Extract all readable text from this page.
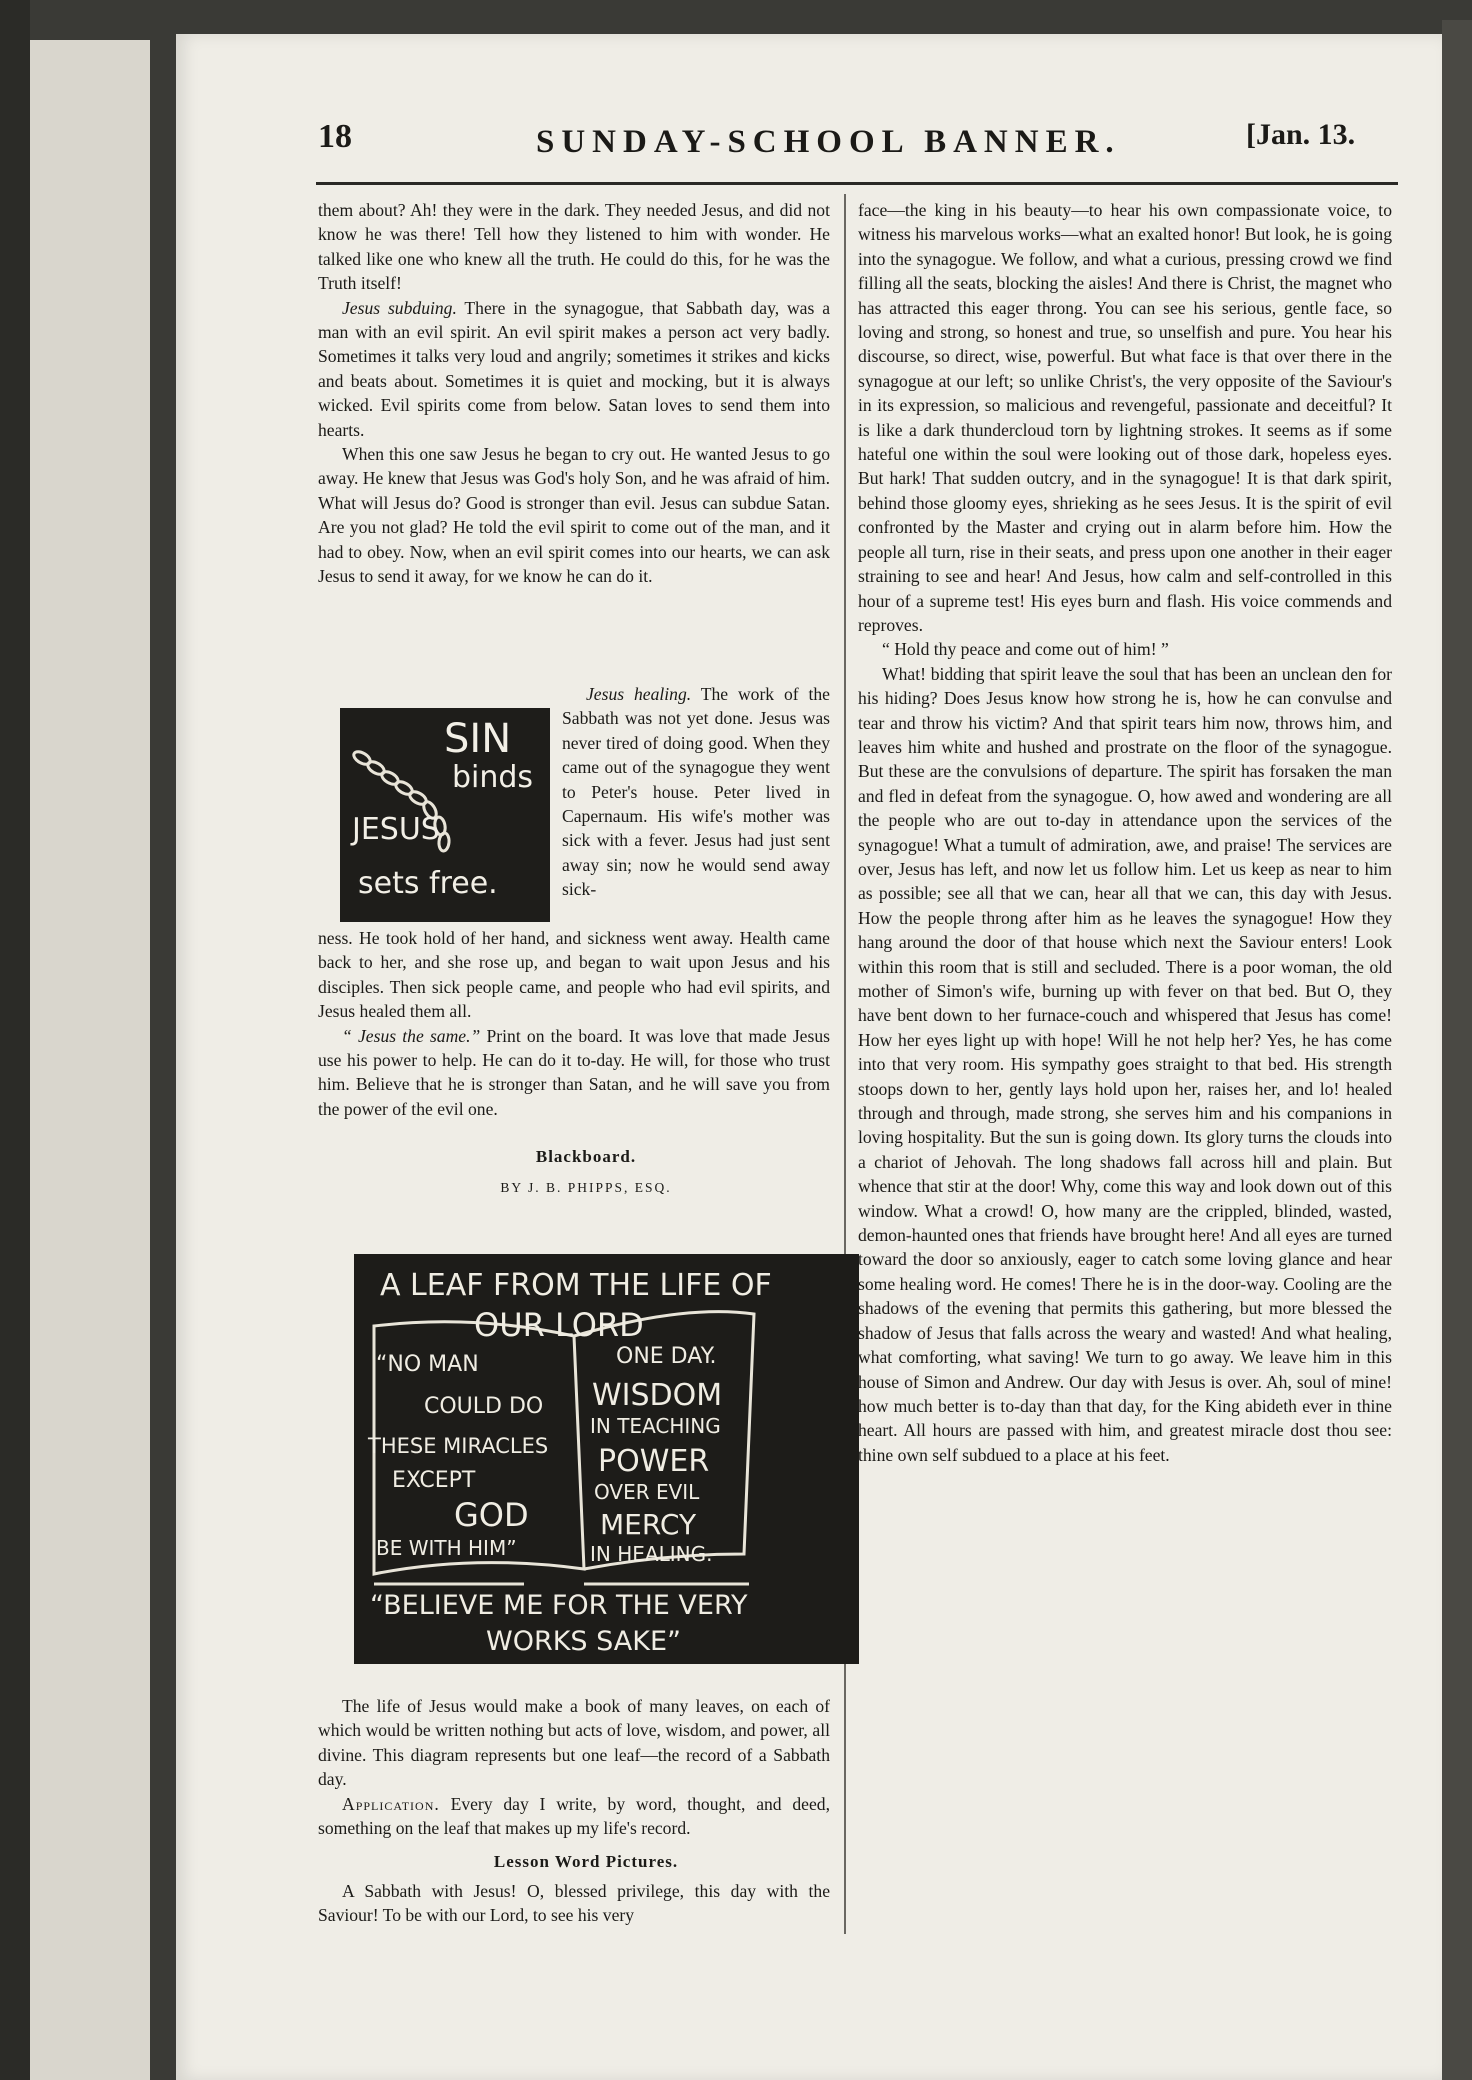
18	SUNDAY-SCHOOL BANNER.	[Jan. 13.

them about? Ah! they were in the dark. They needed Jesus, and did not know he was there! Tell how they listened to him with wonder. He talked like one who knew all the truth. He could do this, for he was the Truth itself!

Jesus subduing. There in the synagogue, that Sabbath day, was a man with an evil spirit. An evil spirit makes a person act very badly. Sometimes it talks very loud and angrily; sometimes it strikes and kicks and beats about. Sometimes it is quiet and mocking, but it is always wicked. Evil spirits come from below. Satan loves to send them into hearts.

When this one saw Jesus he began to cry out. He wanted Jesus to go away. He knew that Jesus was God's holy Son, and he was afraid of him. What will Jesus do? Good is stronger than evil. Jesus can subdue Satan. Are you not glad? He told the evil spirit to come out of the man, and it had to obey. Now, when an evil spirit comes into our hearts, we can ask Jesus to send it away, for we know he can do it.

Jesus healing. The work of the Sabbath was not yet done. Jesus was never tired of doing good. When they came out of the synagogue they went to Peter's house. Peter lived in Capernaum. His wife's mother was sick with a fever. Jesus had just sent away sin; now he would send away sick-

SIN
binds
JESUS
sets free.

ness. He took hold of her hand, and sickness went away. Health came back to her, and she rose up, and began to wait upon Jesus and his disciples. Then sick people came, and people who had evil spirits, and Jesus healed them all.

“ Jesus the same.” Print on the board. It was love that made Jesus use his power to help. He can do it to-day. He will, for those who trust him. Believe that he is stronger than Satan, and he will save you from the power of the evil one.

Blackboard.

BY J. B. PHIPPS, ESQ.

A LEAF FROM THE LIFE OF
OUR LORD
“NO MAN
COULD DO
THESE MIRACLES
EXCEPT
GOD
BE WITH HIM”
ONE DAY.
WISDOM
IN TEACHING
POWER
OVER EVIL
MERCY
IN HEALING.
“BELIEVE ME FOR THE VERY
WORKS SAKE”

The life of Jesus would make a book of many leaves, on each of which would be written nothing but acts of love, wisdom, and power, all divine. This diagram represents but one leaf—the record of a Sabbath day.

Application. Every day I write, by word, thought, and deed, something on the leaf that makes up my life's record.

Lesson Word Pictures.

A Sabbath with Jesus! O, blessed privilege, this day with the Saviour! To be with our Lord, to see his very

face—the king in his beauty—to hear his own compassionate voice, to witness his marvelous works—what an exalted honor! But look, he is going into the synagogue. We follow, and what a curious, pressing crowd we find filling all the seats, blocking the aisles! And there is Christ, the magnet who has attracted this eager throng. You can see his serious, gentle face, so loving and strong, so honest and true, so unselfish and pure. You hear his discourse, so direct, wise, powerful. But what face is that over there in the synagogue at our left; so unlike Christ's, the very opposite of the Saviour's in its expression, so malicious and revengeful, passionate and deceitful? It is like a dark thundercloud torn by lightning strokes. It seems as if some hateful one within the soul were looking out of those dark, hopeless eyes. But hark! That sudden outcry, and in the synagogue! It is that dark spirit, behind those gloomy eyes, shrieking as he sees Jesus. It is the spirit of evil confronted by the Master and crying out in alarm before him. How the people all turn, rise in their seats, and press upon one another in their eager straining to see and hear! And Jesus, how calm and self-controlled in this hour of a supreme test! His eyes burn and flash. His voice commends and reproves.

“ Hold thy peace and come out of him! ”

What! bidding that spirit leave the soul that has been an unclean den for his hiding? Does Jesus know how strong he is, how he can convulse and tear and throw his victim? And that spirit tears him now, throws him, and leaves him white and hushed and prostrate on the floor of the synagogue. But these are the convulsions of departure. The spirit has forsaken the man and fled in defeat from the synagogue. O, how awed and wondering are all the people who are out to-day in attendance upon the services of the synagogue! What a tumult of admiration, awe, and praise! The services are over, Jesus has left, and now let us follow him. Let us keep as near to him as possible; see all that we can, hear all that we can, this day with Jesus. How the people throng after him as he leaves the synagogue! How they hang around the door of that house which next the Saviour enters! Look within this room that is still and secluded. There is a poor woman, the old mother of Simon's wife, burning up with fever on that bed. But O, they have bent down to her furnace-couch and whispered that Jesus has come! How her eyes light up with hope! Will he not help her? Yes, he has come into that very room. His sympathy goes straight to that bed. His strength stoops down to her, gently lays hold upon her, raises her, and lo! healed through and through, made strong, she serves him and his companions in loving hospitality. But the sun is going down. Its glory turns the clouds into a chariot of Jehovah. The long shadows fall across hill and plain. But whence that stir at the door! Why, come this way and look down out of this window. What a crowd! O, how many are the crippled, blinded, wasted, demon-haunted ones that friends have brought here! And all eyes are turned toward the door so anxiously, eager to catch some loving glance and hear some healing word. He comes! There he is in the door-way. Cooling are the shadows of the evening that permits this gathering, but more blessed the shadow of Jesus that falls across the weary and wasted! And what healing, what comforting, what saving! We turn to go away. We leave him in this house of Simon and Andrew. Our day with Jesus is over. Ah, soul of mine! how much better is to-day than that day, for the King abideth ever in thine heart. All hours are passed with him, and greatest miracle dost thou see: thine own self subdued to a place at his feet.
